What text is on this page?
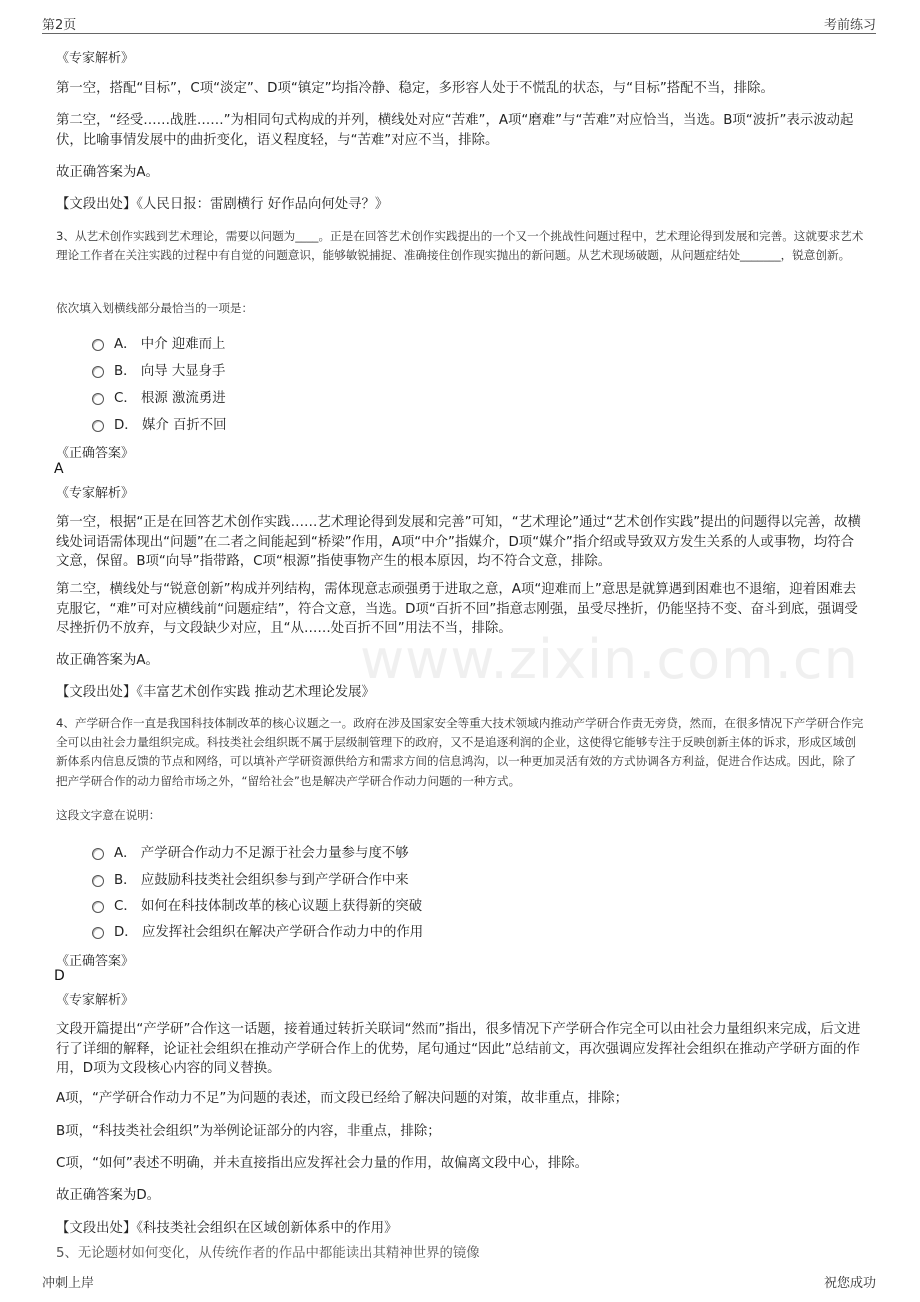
第2页	考前练习
www.zixin.com.cn
《专家解析》
第一空，搭配“目标”，C项“淡定”、D项“镇定”均指冷静、稳定，多形容人处于不慌乱的状态，与“目标”搭配不当，排除。
第二空，“经受……战胜……”为相同句式构成的并列，横线处对应“苦难”，A项“磨难”与“苦难”对应恰当，当选。B项“波折”表示波动起伏，比喻事情发展中的曲折变化，语义程度轻，与“苦难”对应不当，排除。
故正确答案为A。
【文段出处】《人民日报：雷剧横行 好作品向何处寻？》
3、从艺术创作实践到艺术理论，需要以问题为____。正是在回答艺术创作实践提出的一个又一个挑战性问题过程中，艺术理论得到发展和完善。这就要求艺术理论工作者在关注实践的过程中有自觉的问题意识，能够敏锐捕捉、准确接住创作现实抛出的新问题。从艺术现场破题，从问题症结处_______，锐意创新。
依次填入划横线部分最恰当的一项是：
A． 中介 迎难而上
B． 向导 大显身手
C． 根源 激流勇进
D． 媒介 百折不回
《正确答案》
A
《专家解析》
第一空，根据“正是在回答艺术创作实践……艺术理论得到发展和完善”可知，“艺术理论”通过“艺术创作实践”提出的问题得以完善，故横线处词语需体现出“问题”在二者之间能起到“桥梁”作用，A项“中介”指媒介，D项“媒介”指介绍或导致双方发生关系的人或事物，均符合文意，保留。B项“向导”指带路，C项“根源”指使事物产生的根本原因，均不符合文意，排除。
第二空，横线处与“锐意创新”构成并列结构，需体现意志顽强勇于进取之意，A项“迎难而上”意思是就算遇到困难也不退缩，迎着困难去克服它，“难”可对应横线前“问题症结”，符合文意，当选。D项“百折不回”指意志刚强，虽受尽挫折，仍能坚持不变、奋斗到底，强调受尽挫折仍不放弃，与文段缺少对应，且“从……处百折不回”用法不当，排除。
故正确答案为A。
【文段出处】《丰富艺术创作实践 推动艺术理论发展》
4、产学研合作一直是我国科技体制改革的核心议题之一。政府在涉及国家安全等重大技术领域内推动产学研合作责无旁贷，然而，在很多情况下产学研合作完全可以由社会力量组织完成。科技类社会组织既不属于层级制管理下的政府，又不是追逐利润的企业，这使得它能够专注于反映创新主体的诉求，形成区域创新体系内信息反馈的节点和网络，可以填补产学研资源供给方和需求方间的信息鸿沟，以一种更加灵活有效的方式协调各方利益，促进合作达成。因此，除了把产学研合作的动力留给市场之外，“留给社会”也是解决产学研合作动力问题的一种方式。
这段文字意在说明：
A． 产学研合作动力不足源于社会力量参与度不够
B． 应鼓励科技类社会组织参与到产学研合作中来
C． 如何在科技体制改革的核心议题上获得新的突破
D． 应发挥社会组织在解决产学研合作动力中的作用
《正确答案》
D
《专家解析》
文段开篇提出“产学研”合作这一话题，接着通过转折关联词“然而”指出，很多情况下产学研合作完全可以由社会力量组织来完成，后文进行了详细的解释，论证社会组织在推动产学研合作上的优势，尾句通过“因此”总结前文，再次强调应发挥社会组织在推动产学研方面的作用，D项为文段核心内容的同义替换。
A项，“产学研合作动力不足”为问题的表述，而文段已经给了解决问题的对策，故非重点，排除；
B项，“科技类社会组织”为举例论证部分的内容，非重点，排除；
C项，“如何”表述不明确，并未直接指出应发挥社会力量的作用，故偏离文段中心，排除。
故正确答案为D。
【文段出处】《科技类社会组织在区域创新体系中的作用》
5、无论题材如何变化，从传统作者的作品中都能读出其精神世界的镜像
冲刺上岸	祝您成功
